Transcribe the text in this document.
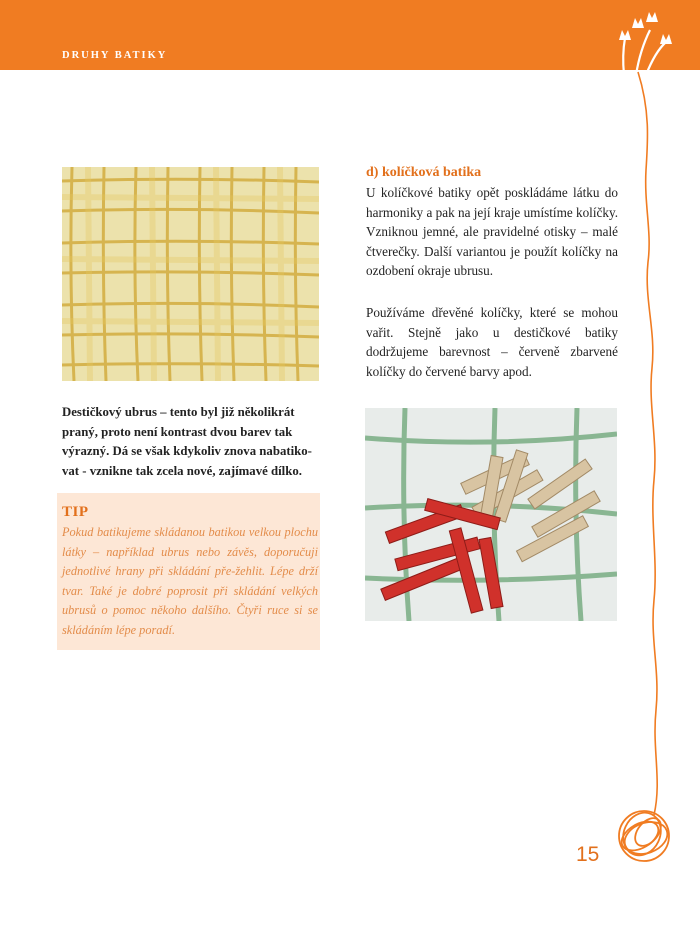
DRUHY BATIKY
d) kolíčková batika

U kolíčkové batiky opět poskládáme látku do harmoniky a pak na její kraje umístíme kolíčky. Vzniknou jemné, ale pravidelné otisky – malé čtverečky. Další variantou je použít kolíčky na ozdobení okraje ubrusu.

Používáme dřevěné kolíčky, které se mohou vařit. Stejně jako u destičkové batiky dodržujeme barevnost – červeně zbarvené kolíčky do červené barvy apod.

Destičkový ubrus – tento byl již několikrát praný, proto není kontrast dvou barev tak výrazný. Dá se však kdykoliv znova nabatiko-vat - vznikne tak zcela nové, zajímavé dílko.

TIP

Pokud batikujeme skládanou batikou velkou plochu látky – například ubrus nebo závěs, doporučuji jednotlivé hrany při skládání pře-žehlit. Lépe drží tvar. Také je dobré poprosit při skládání velkých ubrusů o pomoc někoho dalšího. Čtyři ruce si se skládáním lépe poradí.

15
